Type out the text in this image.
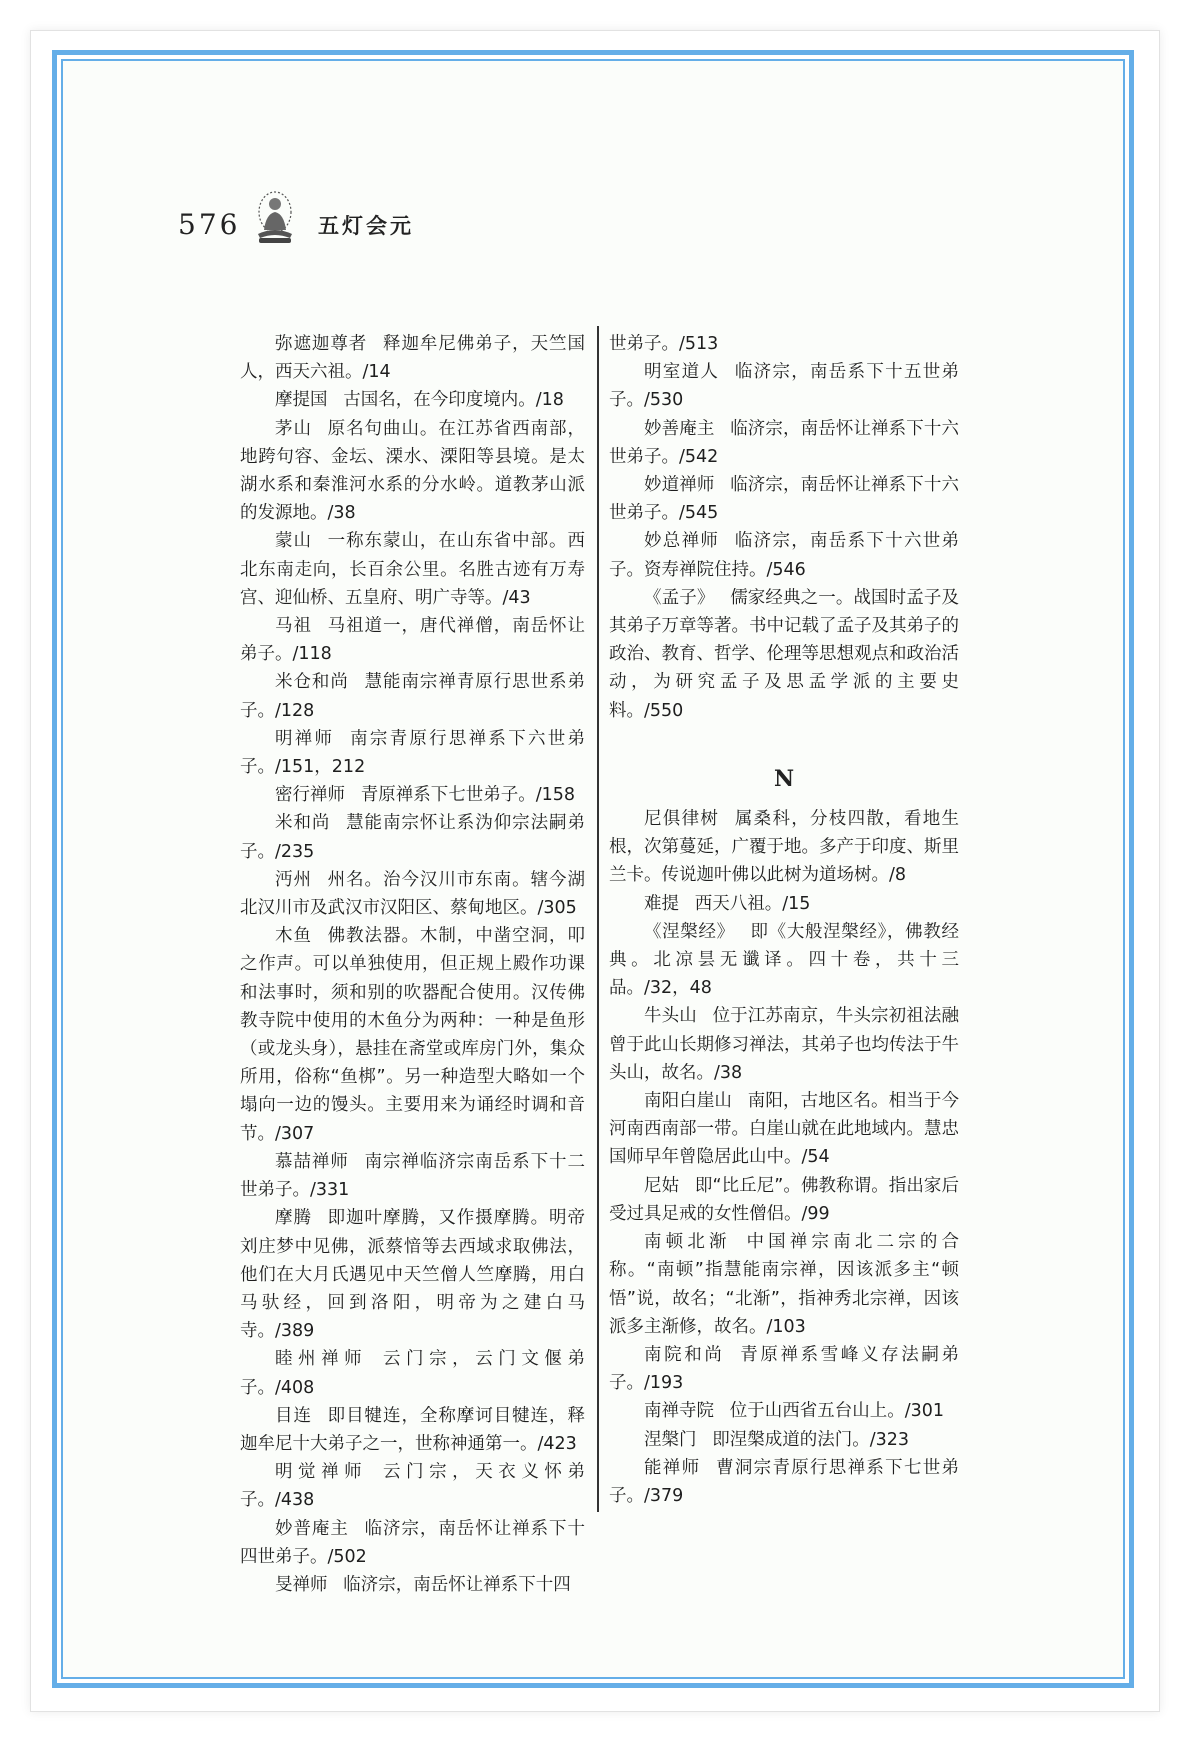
576	五灯会元

弥遮迦尊者 释迦牟尼佛弟子，天竺国人，西天六祖。/14

摩提国 古国名，在今印度境内。/18

茅山 原名句曲山。在江苏省西南部，地跨句容、金坛、溧水、溧阳等县境。是太湖水系和秦淮河水系的分水岭。道教茅山派的发源地。/38

蒙山 一称东蒙山，在山东省中部。西北东南走向，长百余公里。名胜古迹有万寿宫、迎仙桥、五皇府、明广寺等。/43

马祖 马祖道一，唐代禅僧，南岳怀让弟子。/118

米仓和尚 慧能南宗禅青原行思世系弟子。/128

明禅师 南宗青原行思禅系下六世弟子。/151，212

密行禅师 青原禅系下七世弟子。/158

米和尚 慧能南宗怀让系沩仰宗法嗣弟子。/235

沔州 州名。治今汉川市东南。辖今湖北汉川市及武汉市汉阳区、蔡甸地区。/305

木鱼 佛教法器。木制，中凿空洞，叩之作声。可以单独使用，但正规上殿作功课和法事时，须和别的吹器配合使用。汉传佛教寺院中使用的木鱼分为两种：一种是鱼形（或龙头身），悬挂在斋堂或库房门外，集众所用，俗称“鱼梆”。另一种造型大略如一个塌向一边的馒头。主要用来为诵经时调和音节。/307

慕喆禅师 南宗禅临济宗南岳系下十二世弟子。/331

摩腾 即迦叶摩腾，又作摄摩腾。明帝刘庄梦中见佛，派蔡愔等去西域求取佛法，他们在大月氏遇见中天竺僧人竺摩腾，用白马驮经，回到洛阳，明帝为之建白马寺。/389

睦州禅师 云门宗，云门文偃弟子。/408

目连 即目犍连，全称摩诃目犍连，释迦牟尼十大弟子之一，世称神通第一。/423

明觉禅师 云门宗，天衣义怀弟子。/438

妙普庵主 临济宗，南岳怀让禅系下十四世弟子。/502

旻禅师 临济宗，南岳怀让禅系下十四

世弟子。/513

明室道人 临济宗，南岳系下十五世弟子。/530

妙善庵主 临济宗，南岳怀让禅系下十六世弟子。/542

妙道禅师 临济宗，南岳怀让禅系下十六世弟子。/545

妙总禅师 临济宗，南岳系下十六世弟子。资寿禅院住持。/546

《孟子》 儒家经典之一。战国时孟子及其弟子万章等著。书中记载了孟子及其弟子的政治、教育、哲学、伦理等思想观点和政治活动，为研究孟子及思孟学派的主要史料。/550

N

尼俱律树 属桑科，分枝四散，看地生根，次第蔓延，广覆于地。多产于印度、斯里兰卡。传说迦叶佛以此树为道场树。/8

难提 西天八祖。/15

《涅槃经》 即《大般涅槃经》，佛教经典。北凉昙无谶译。四十卷，共十三品。/32，48

牛头山 位于江苏南京，牛头宗初祖法融曾于此山长期修习禅法，其弟子也均传法于牛头山，故名。/38

南阳白崖山 南阳，古地区名。相当于今河南西南部一带。白崖山就在此地域内。慧忠国师早年曾隐居此山中。/54

尼姑 即“比丘尼”。佛教称谓。指出家后受过具足戒的女性僧侣。/99

南顿北渐 中国禅宗南北二宗的合称。“南顿”指慧能南宗禅，因该派多主“顿悟”说，故名；“北渐”，指神秀北宗禅，因该派多主渐修，故名。/103

南院和尚 青原禅系雪峰义存法嗣弟子。/193

南禅寺院 位于山西省五台山上。/301

涅槃门 即涅槃成道的法门。/323

能禅师 曹洞宗青原行思禅系下七世弟子。/379
